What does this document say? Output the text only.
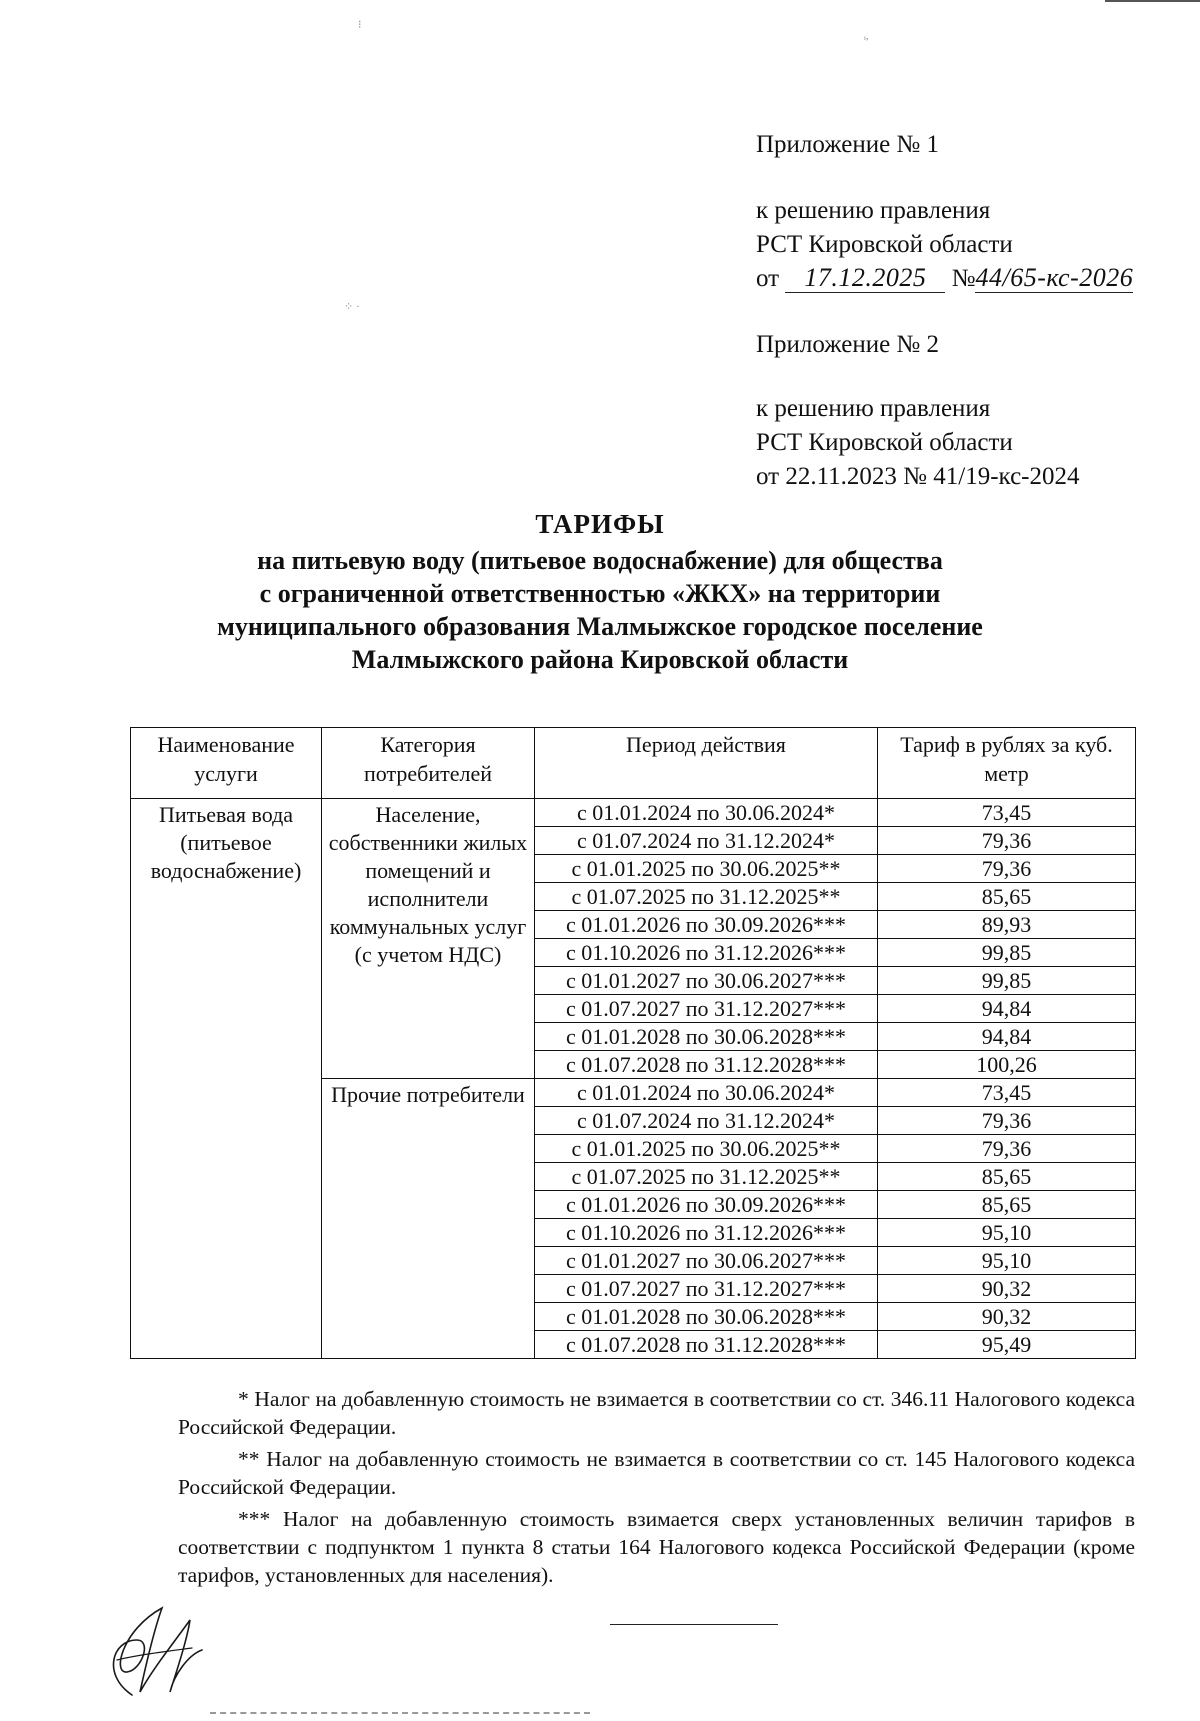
⁝
ᵢ,
⁘ ·
Приложение № 1
к решению правления
РСТ Кировской области
от 17.12.2025 №44/65-кс-2026
Приложение № 2
к решению правления
РСТ Кировской области
от 22.11.2023 № 41/19-кс-2024
ТАРИФЫ
на питьевую воду (питьевое водоснабжение) для общества
с ограниченной ответственностью «ЖКХ» на территории
муниципального образования Малмыжское городское поселение
Малмыжского района Кировской области
Наименование услуги	Категория потребителей	Период действия	Тариф в рублях за куб. метр
Питьевая вода (питьевое водоснабжение)	Население, собственники жилых помещений и исполнители коммунальных услуг (с учетом НДС)	с 01.01.2024 по 30.06.2024*	73,45
		с 01.07.2024 по 31.12.2024*	79,36
		с 01.01.2025 по 30.06.2025**	79,36
		с 01.07.2025 по 31.12.2025**	85,65
		с 01.01.2026 по 30.09.2026***	89,93
		с 01.10.2026 по 31.12.2026***	99,85
		с 01.01.2027 по 30.06.2027***	99,85
		с 01.07.2027 по 31.12.2027***	94,84
		с 01.01.2028 по 30.06.2028***	94,84
		с 01.07.2028 по 31.12.2028***	100,26
	Прочие потребители	с 01.01.2024 по 30.06.2024*	73,45
		с 01.07.2024 по 31.12.2024*	79,36
		с 01.01.2025 по 30.06.2025**	79,36
		с 01.07.2025 по 31.12.2025**	85,65
		с 01.01.2026 по 30.09.2026***	85,65
		с 01.10.2026 по 31.12.2026***	95,10
		с 01.01.2027 по 30.06.2027***	95,10
		с 01.07.2027 по 31.12.2027***	90,32
		с 01.01.2028 по 30.06.2028***	90,32
		с 01.07.2028 по 31.12.2028***	95,49

* Налог на добавленную стоимость не взимается в соответствии со ст. 346.11 Налогового кодекса Российской Федерации.

** Налог на добавленную стоимость не взимается в соответствии со ст. 145 Налогового кодекса Российской Федерации.

*** Налог на добавленную стоимость взимается сверх установленных величин тарифов в соответствии с подпунктом 1 пункта 8 статьи 164 Налогового кодекса Российской Федерации (кроме тарифов, установленных для населения).
